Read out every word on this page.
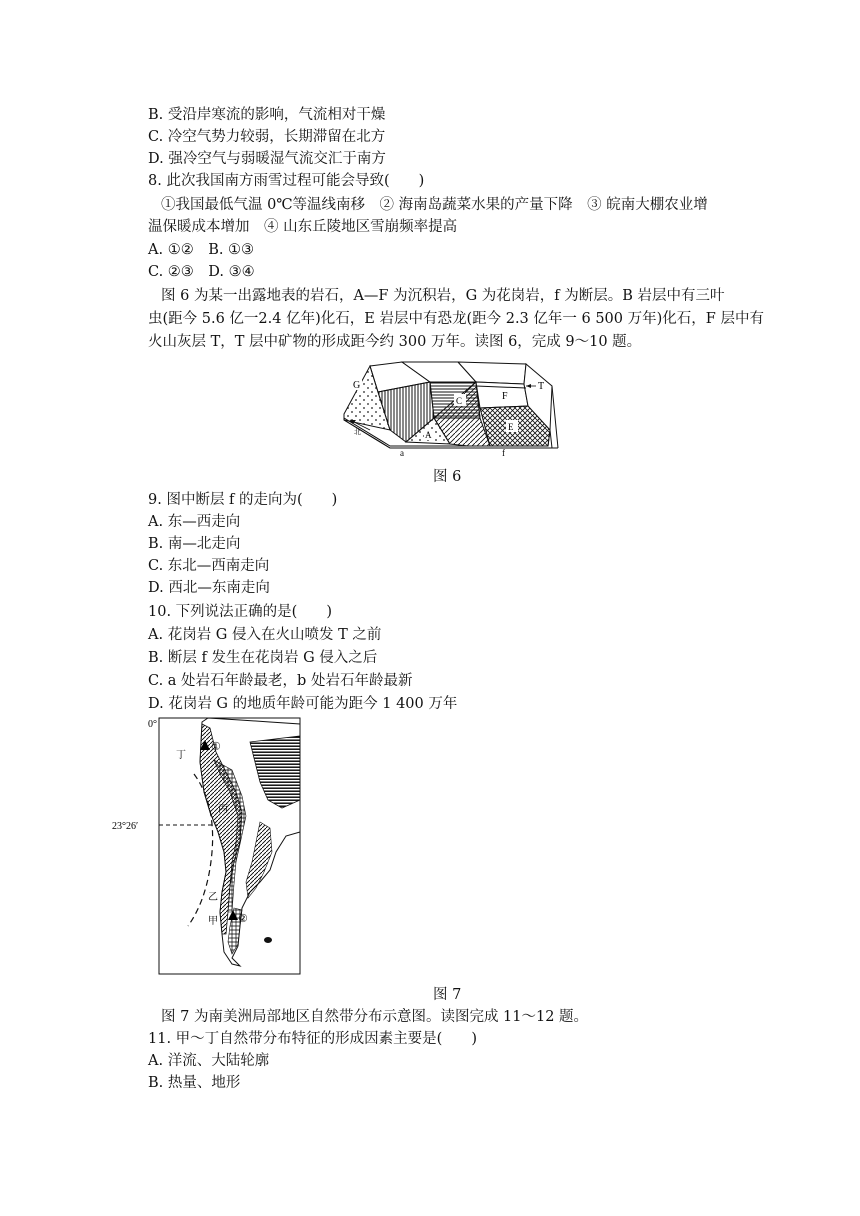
B. 受沿岸寒流的影响，气流相对干燥
C. 冷空气势力较弱，长期滞留在北方
D. 强冷空气与弱暖湿气流交汇于南方
8. 此次我国南方雨雪过程可能会导致(　　)
①我国最低气温 0℃等温线南移　② 海南岛蔬菜水果的产量下降　③ 皖南大棚农业增
温保暖成本增加　④ 山东丘陵地区雪崩频率提高
A. ①②　B. ①③
C. ②③　D. ③④
图 6 为某一出露地表的岩石，A—F 为沉积岩，G 为花岗岩，f 为断层。B 岩层中有三叶
虫(距今 5.6 亿一2.4 亿年)化石，E 岩层中有恐龙(距今 2.3 亿年一 6 500 万年)化石，F 层中有
火山灰层 T，T 层中矿物的形成距今约 300 万年。读图 6，完成 9～10 题。
G
C
A
E
F
T
a	f
北
图 6
9. 图中断层 f 的走向为(　　)
A. 东—西走向
B. 南—北走向
C. 东北—西南走向
D. 西北—东南走向
10. 下列说法正确的是(　　)
A. 花岗岩 G 侵入在火山喷发 T 之前
B. 断层 f 发生在花岗岩 G 侵入之后
C. a 处岩石年龄最老，b 处岩石年龄最新
D. 花岗岩 G 的地质年龄可能为距今 1 400 万年
0°
23°26′
丁
①
丙
乙
甲 ②
图 7
图 7 为南美洲局部地区自然带分布示意图。读图完成 11～12 题。
11. 甲～丁自然带分布特征的形成因素主要是(　　)
A. 洋流、大陆轮廓
B. 热量、地形
